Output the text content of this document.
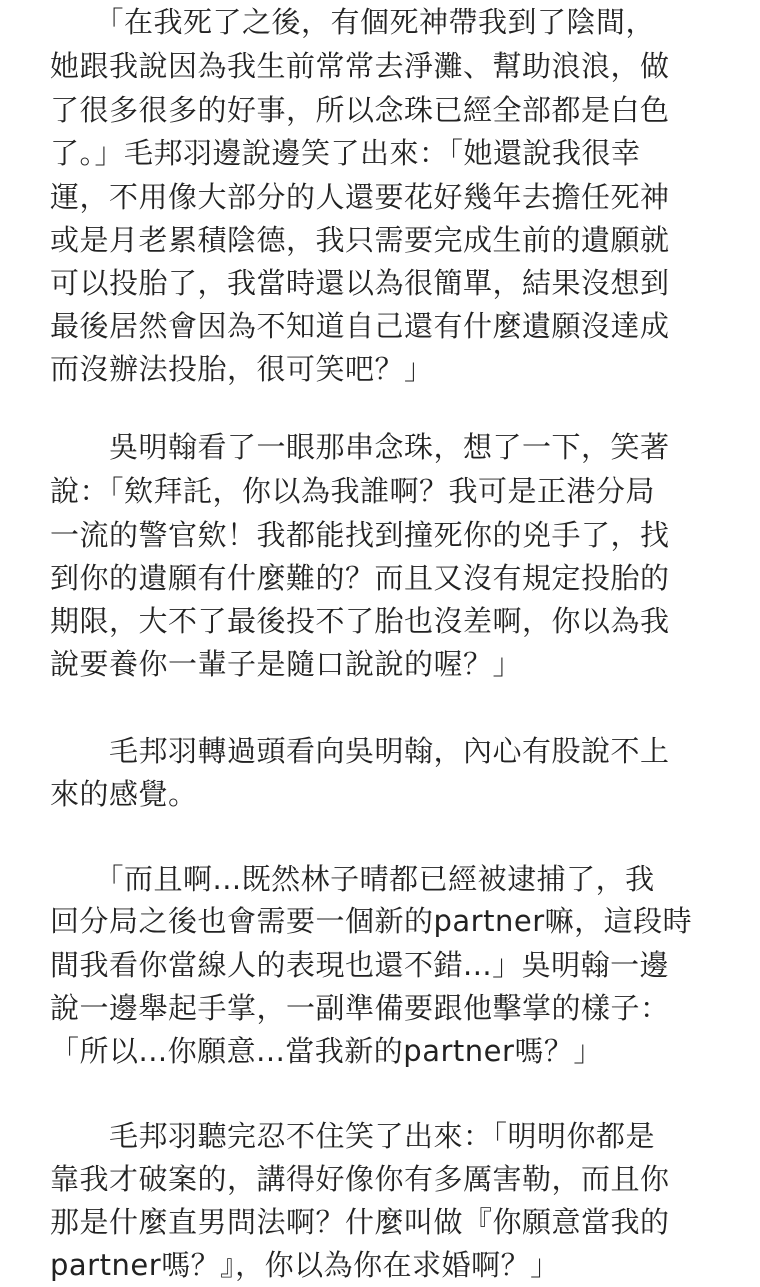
　　「在我死了之後，有個死神帶我到了陰間，
她跟我說因為我生前常常去淨灘、幫助浪浪，做
了很多很多的好事，所以念珠已經全部都是白色
了。」毛邦羽邊說邊笑了出來：「她還說我很幸
運，不用像大部分的人還要花好幾年去擔任死神
或是月老累積陰德，我只需要完成生前的遺願就
可以投胎了，我當時還以為很簡單，結果沒想到
最後居然會因為不知道自己還有什麼遺願沒達成
而沒辦法投胎，很可笑吧？」
　　吳明翰看了一眼那串念珠，想了一下，笑著
說：「欸拜託，你以為我誰啊？我可是正港分局
一流的警官欸！我都能找到撞死你的兇手了，找
到你的遺願有什麼難的？而且又沒有規定投胎的
期限，大不了最後投不了胎也沒差啊，你以為我
說要養你一輩子是隨口說說的喔？」
　　毛邦羽轉過頭看向吳明翰，內心有股說不上
來的感覺。
　　「而且啊...既然林子晴都已經被逮捕了，我
回分局之後也會需要一個新的partner嘛，這段時
間我看你當線人的表現也還不錯...」吳明翰一邊
說一邊舉起手掌，一副準備要跟他擊掌的樣子：
「所以...你願意...當我新的partner嗎？」
　　毛邦羽聽完忍不住笑了出來：「明明你都是
靠我才破案的，講得好像你有多厲害勒，而且你
那是什麼直男問法啊？什麼叫做『你願意當我的
partner嗎？』，你以為你在求婚啊？」
